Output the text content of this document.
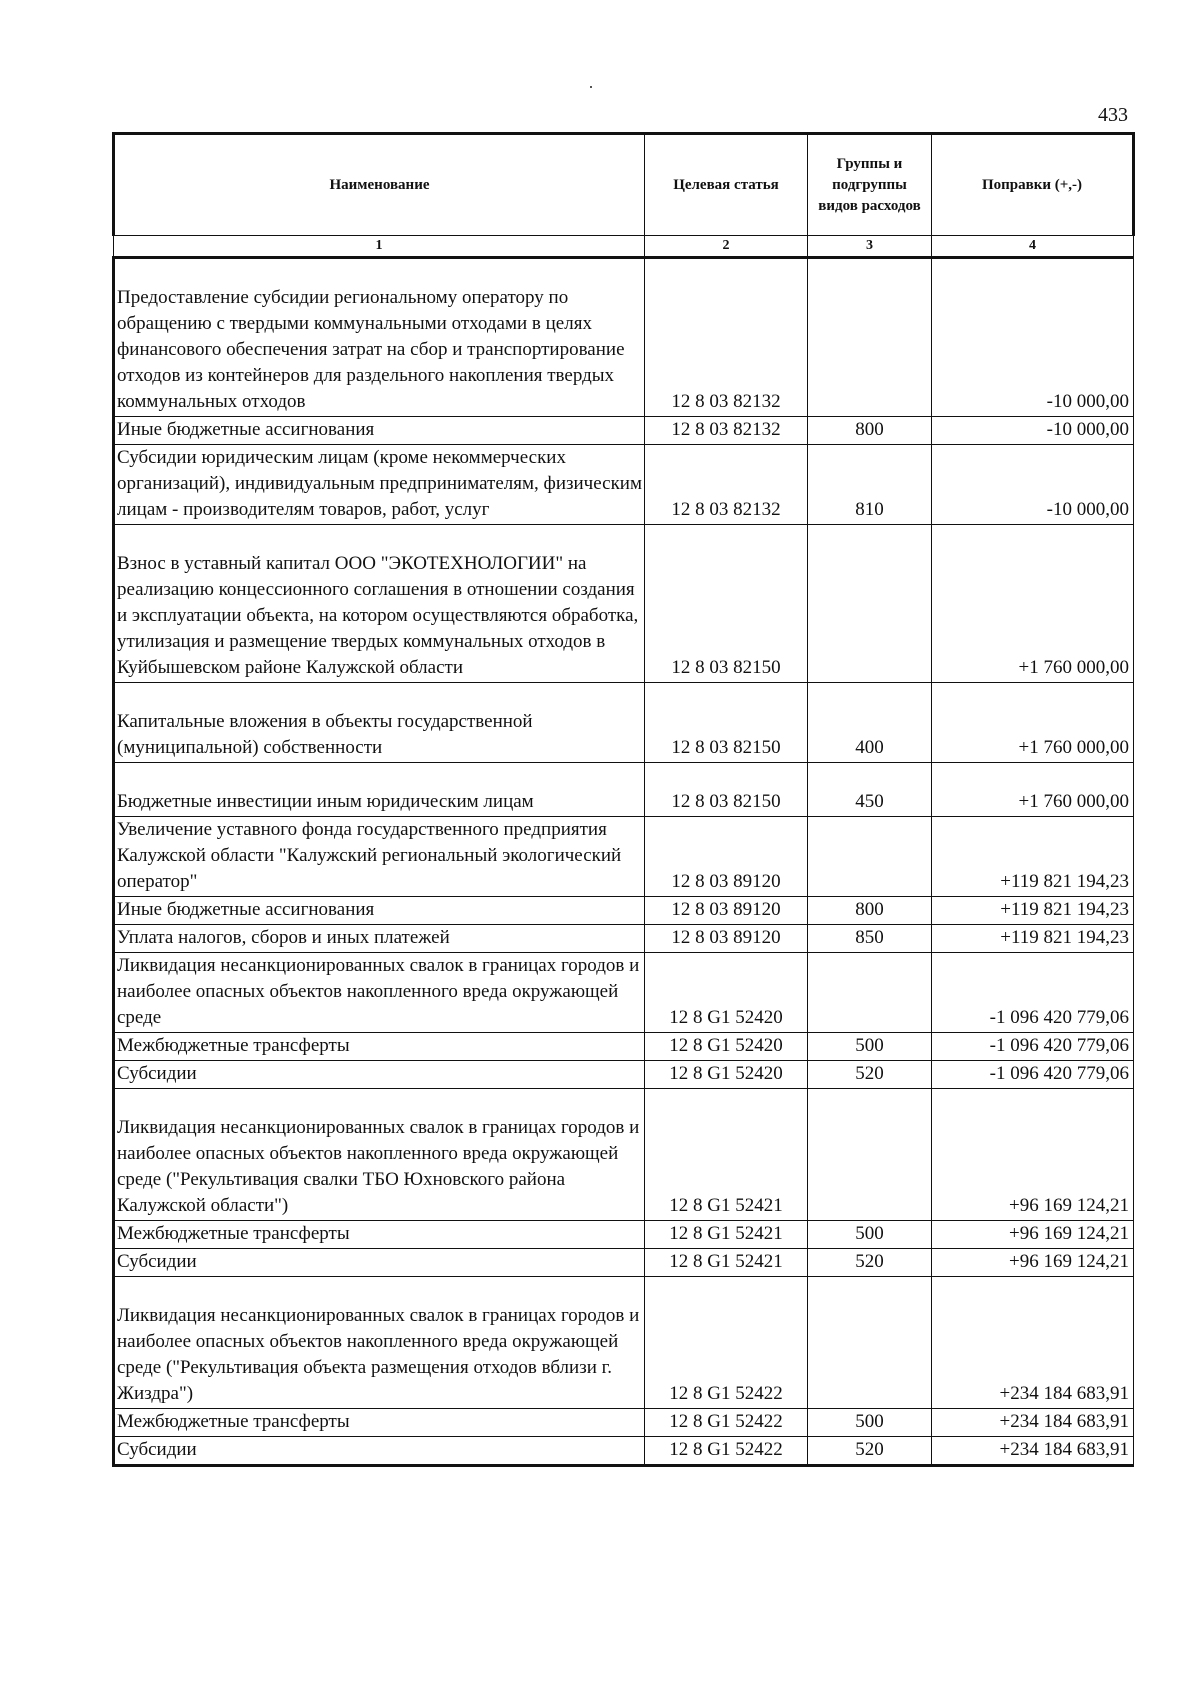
433
Наименование	Целевая статья	Группы и подгруппы видов расходов	Поправки (+,-)
1	2	3	4

Предоставление субсидии региональному оператору по обращению с твердыми коммунальными отходами в целях финансового обеспечения затрат на сбор и транспортирование отходов из контейнеров для раздельного накопления твердых коммунальных отходов	12 8 03 82132		-10 000,00
Иные бюджетные ассигнования	12 8 03 82132	800	-10 000,00
Субсидии юридическим лицам (кроме некоммерческих организаций), индивидуальным предпринимателям, физическим лицам - производителям товаров, работ, услуг	12 8 03 82132	810	-10 000,00

Взнос в уставный капитал ООО "ЭКОТЕХНОЛОГИИ" на реализацию концессионного соглашения в отношении создания и эксплуатации объекта, на котором осуществляются обработка, утилизация и размещение твердых коммунальных отходов в Куйбышевском районе Калужской области	12 8 03 82150		+1 760 000,00

Капитальные вложения в объекты государственной (муниципальной) собственности	12 8 03 82150	400	+1 760 000,00

Бюджетные инвестиции иным юридическим лицам	12 8 03 82150	450	+1 760 000,00
Увеличение уставного фонда государственного предприятия Калужской области "Калужский региональный экологический оператор"	12 8 03 89120		+119 821 194,23
Иные бюджетные ассигнования	12 8 03 89120	800	+119 821 194,23
Уплата налогов, сборов и иных платежей	12 8 03 89120	850	+119 821 194,23
Ликвидация несанкционированных свалок в границах городов и наиболее опасных объектов накопленного вреда окружающей среде	12 8 G1 52420		-1 096 420 779,06
Межбюджетные трансферты	12 8 G1 52420	500	-1 096 420 779,06
Субсидии	12 8 G1 52420	520	-1 096 420 779,06

Ликвидация несанкционированных свалок в границах городов и наиболее опасных объектов накопленного вреда окружающей среде ("Рекультивация свалки ТБО Юхновского района Калужской области")	12 8 G1 52421		+96 169 124,21
Межбюджетные трансферты	12 8 G1 52421	500	+96 169 124,21
Субсидии	12 8 G1 52421	520	+96 169 124,21

Ликвидация несанкционированных свалок в границах городов и наиболее опасных объектов накопленного вреда окружающей среде ("Рекультивация объекта размещения отходов вблизи г. Жиздра")	12 8 G1 52422		+234 184 683,91
Межбюджетные трансферты	12 8 G1 52422	500	+234 184 683,91
Субсидии	12 8 G1 52422	520	+234 184 683,91
